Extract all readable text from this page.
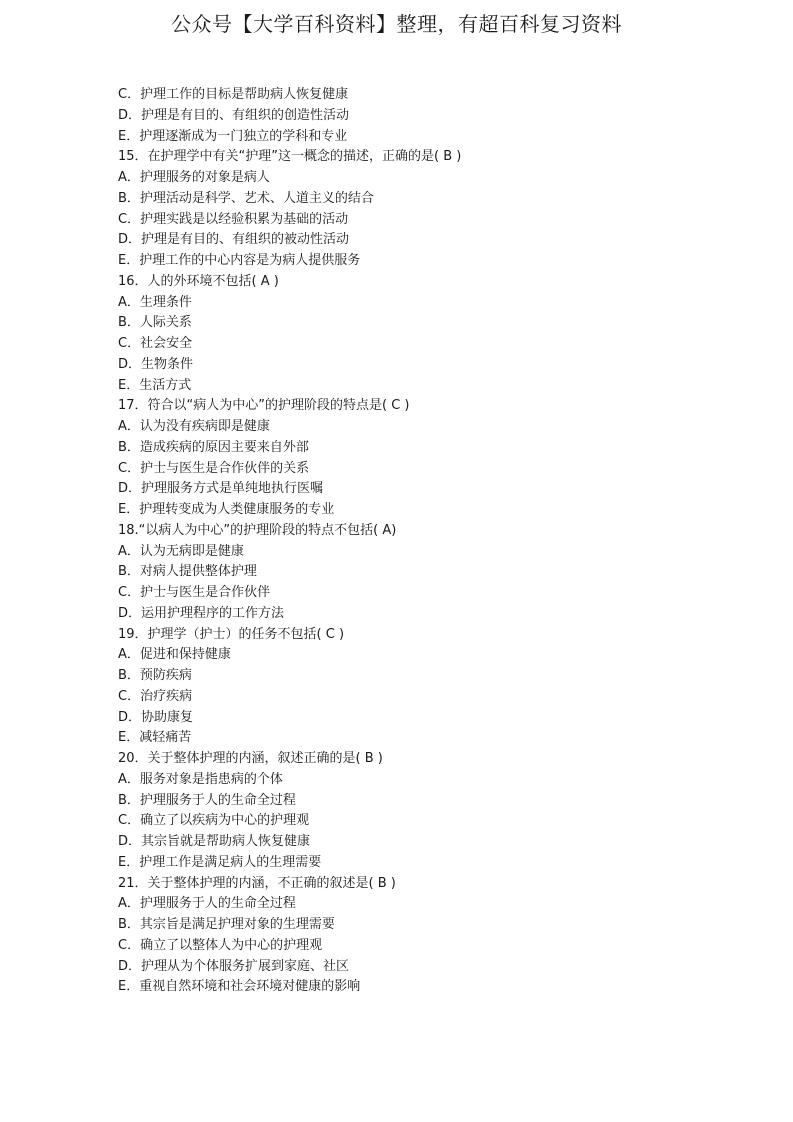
公众号【大学百科资料】整理，有超百科复习资料
C．护理工作的目标是帮助病人恢复健康
D．护理是有目的、有组织的创造性活动
E．护理逐渐成为一门独立的学科和专业
15．在护理学中有关“护理”这一概念的描述，正确的是( B )
A．护理服务的对象是病人
B．护理活动是科学、艺术、人道主义的结合
C．护理实践是以经验积累为基础的活动
D．护理是有目的、有组织的被动性活动
E．护理工作的中心内容是为病人提供服务
16．人的外环境不包括( A )
A．生理条件
B．人际关系
C．社会安全
D．生物条件
E．生活方式
17．符合以“病人为中心”的护理阶段的特点是( C )
A．认为没有疾病即是健康
B．造成疾病的原因主要来自外部
C．护士与医生是合作伙伴的关系
D．护理服务方式是单纯地执行医嘱
E．护理转变成为人类健康服务的专业
18.“以病人为中心”的护理阶段的特点不包括( A)
A．认为无病即是健康
B．对病人提供整体护理
C．护士与医生是合作伙伴
D．运用护理程序的工作方法
19．护理学（护士）的任务不包括( C )
A．促进和保持健康
B．预防疾病
C．治疗疾病
D．协助康复
E．减轻痛苦
20．关于整体护理的内涵，叙述正确的是( B )
A．服务对象是指患病的个体
B．护理服务于人的生命全过程
C．确立了以疾病为中心的护理观
D．其宗旨就是帮助病人恢复健康
E．护理工作是满足病人的生理需要
21．关于整体护理的内涵，不正确的叙述是( B )
A．护理服务于人的生命全过程
B．其宗旨是满足护理对象的生理需要
C．确立了以整体人为中心的护理观
D．护理从为个体服务扩展到家庭、社区
E．重视自然环境和社会环境对健康的影响
